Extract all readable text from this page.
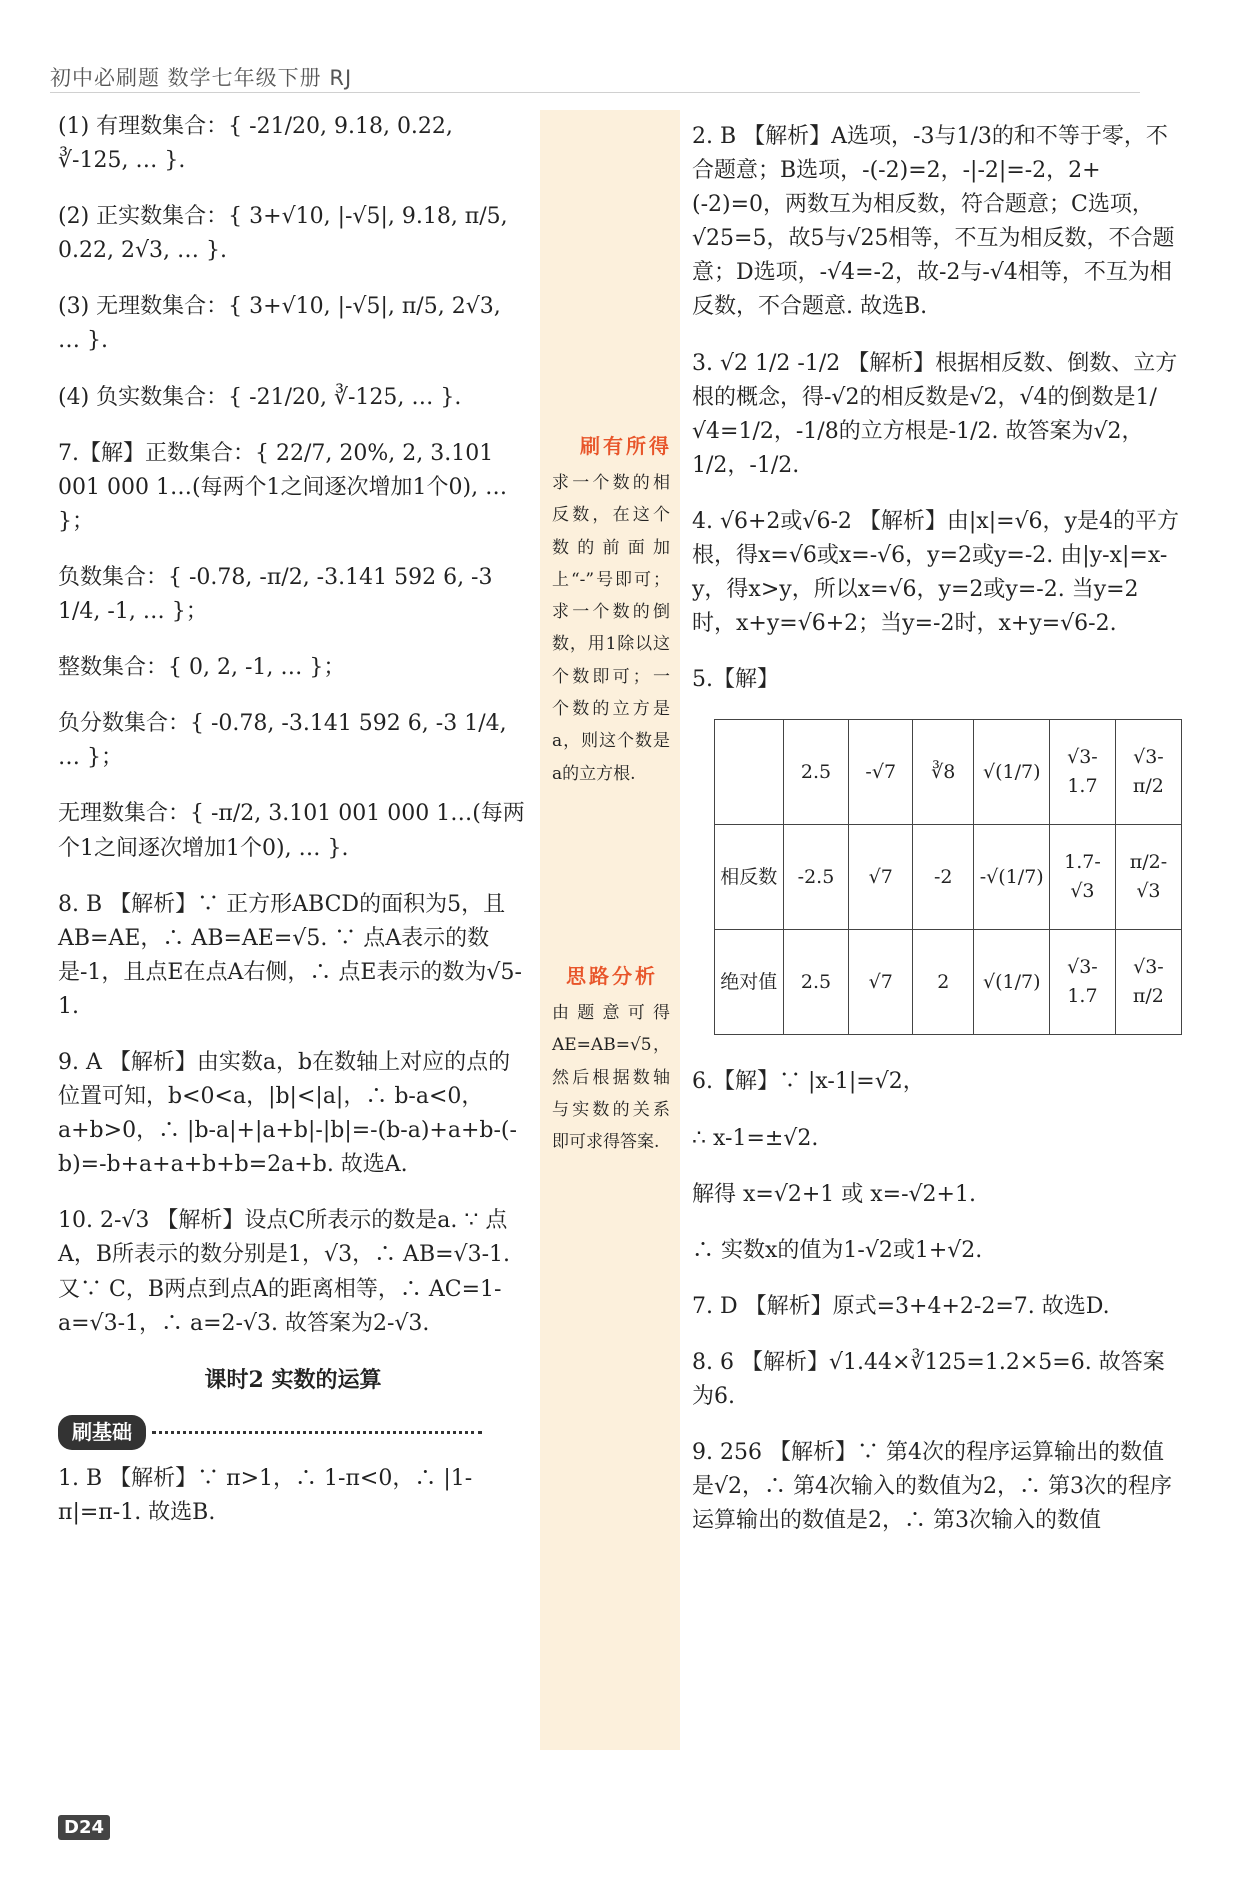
初中必刷题 数学七年级下册 RJ

(1) 有理数集合：{ -21/20, 9.18, 0.22, ∛-125, … }.

(2) 正实数集合：{ 3+√10, |-√5|, 9.18, π/5, 0.22, 2√3, … }.

(3) 无理数集合：{ 3+√10, |-√5|, π/5, 2√3, … }.

(4) 负实数集合：{ -21/20, ∛-125, … }.

7.【解】正数集合：{ 22/7, 20%, 2, 3.101 001 000 1…(每两个1之间逐次增加1个0), … }；

负数集合：{ -0.78, -π/2, -3.141 592 6, -3 1/4, -1, … }；

整数集合：{ 0, 2, -1, … }；

负分数集合：{ -0.78, -3.141 592 6, -3 1/4, … }；

无理数集合：{ -π/2, 3.101 001 000 1…(每两个1之间逐次增加1个0), … }.

8. B 【解析】∵ 正方形ABCD的面积为5，且AB=AE，∴ AB=AE=√5. ∵ 点A表示的数是-1，且点E在点A右侧，∴ 点E表示的数为√5-1.

9. A 【解析】由实数a，b在数轴上对应的点的位置可知，b<0<a，|b|<|a|，∴ b-a<0，a+b>0，∴ |b-a|+|a+b|-|b|=-(b-a)+a+b-(-b)=-b+a+a+b+b=2a+b. 故选A.

10. 2-√3 【解析】设点C所表示的数是a. ∵ 点A，B所表示的数分别是1，√3，∴ AB=√3-1. 又∵ C，B两点到点A的距离相等，∴ AC=1-a=√3-1，∴ a=2-√3. 故答案为2-√3.

课时2 实数的运算
刷基础

1. B 【解析】∵ π>1，∴ 1-π<0，∴ |1-π|=π-1. 故选B.

刷有所得
求一个数的相反数，在这个数的前面加上“-”号即可；求一个数的倒数，用1除以这个数即可；一个数的立方是a，则这个数是a的立方根.
思路分析
由题意可得AE=AB=√5，然后根据数轴与实数的关系即可求得答案.

2. B 【解析】A选项，-3与1/3的和不等于零，不合题意；B选项，-(-2)=2，-|-2|=-2，2+(-2)=0，两数互为相反数，符合题意；C选项，√25=5，故5与√25相等，不互为相反数，不合题意；D选项，-√4=-2，故-2与-√4相等，不互为相反数，不合题意. 故选B.

3. √2 1/2 -1/2 【解析】根据相反数、倒数、立方根的概念，得-√2的相反数是√2，√4的倒数是1/√4=1/2，-1/8的立方根是-1/2. 故答案为√2，1/2，-1/2.

4. √6+2或√6-2 【解析】由|x|=√6，y是4的平方根，得x=√6或x=-√6，y=2或y=-2. 由|y-x|=x-y，得x>y，所以x=√6，y=2或y=-2. 当y=2时，x+y=√6+2；当y=-2时，x+y=√6-2.

5.【解】

	2.5	-√7	∛8	√(1/7)	√3-1.7	√3-π/2
相反数	-2.5	√7	-2	-√(1/7)	1.7-√3	π/2-√3
绝对值	2.5	√7	2	√(1/7)	√3-1.7	√3-π/2

6.【解】∵ |x-1|=√2，

∴ x-1=±√2.

解得 x=√2+1 或 x=-√2+1.

∴ 实数x的值为1-√2或1+√2.

7. D 【解析】原式=3+4+2-2=7. 故选D.

8. 6 【解析】√1.44×∛125=1.2×5=6. 故答案为6.

9. 256 【解析】∵ 第4次的程序运算输出的数值是√2，∴ 第4次输入的数值为2，∴ 第3次的程序运算输出的数值是2，∴ 第3次输入的数值

D24
